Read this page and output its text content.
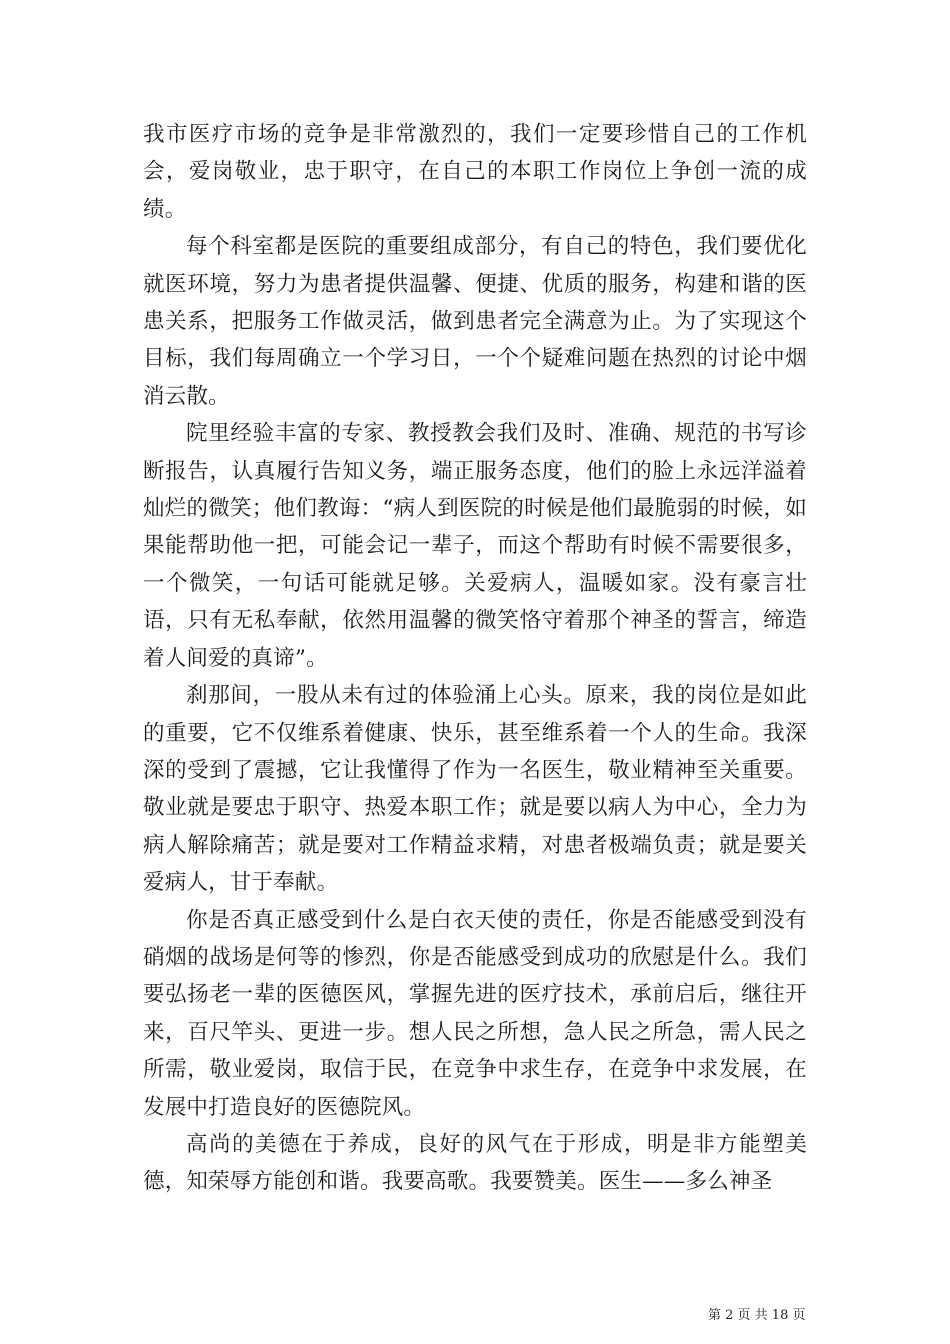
我市医疗市场的竞争是非常激烈的，我们一定要珍惜自己的工作机会，爱岗敬业，忠于职守，在自己的本职工作岗位上争创一流的成绩。

每个科室都是医院的重要组成部分，有自己的特色，我们要优化就医环境，努力为患者提供温馨、便捷、优质的服务，构建和谐的医患关系，把服务工作做灵活，做到患者完全满意为止。为了实现这个目标，我们每周确立一个学习日，一个个疑难问题在热烈的讨论中烟消云散。

院里经验丰富的专家、教授教会我们及时、准确、规范的书写诊断报告，认真履行告知义务，端正服务态度，他们的脸上永远洋溢着灿烂的微笑；他们教诲：“病人到医院的时候是他们最脆弱的时候，如果能帮助他一把，可能会记一辈子，而这个帮助有时候不需要很多，一个微笑，一句话可能就足够。关爱病人，温暖如家。没有豪言壮语，只有无私奉献，依然用温馨的微笑恪守着那个神圣的誓言，缔造着人间爱的真谛”。

刹那间，一股从未有过的体验涌上心头。原来，我的岗位是如此的重要，它不仅维系着健康、快乐，甚至维系着一个人的生命。我深深的受到了震撼，它让我懂得了作为一名医生，敬业精神至关重要。敬业就是要忠于职守、热爱本职工作；就是要以病人为中心，全力为病人解除痛苦；就是要对工作精益求精，对患者极端负责；就是要关爱病人，甘于奉献。

你是否真正感受到什么是白衣天使的责任，你是否能感受到没有硝烟的战场是何等的惨烈，你是否能感受到成功的欣慰是什么。我们要弘扬老一辈的医德医风，掌握先进的医疗技术，承前启后，继往开来，百尺竿头、更进一步。想人民之所想，急人民之所急，需人民之所需，敬业爱岗，取信于民，在竞争中求生存，在竞争中求发展，在发展中打造良好的医德院风。

高尚的美德在于养成，良好的风气在于形成，明是非方能塑美德，知荣辱方能创和谐。我要高歌。我要赞美。医生——多么神圣

第 2 页 共 18 页
